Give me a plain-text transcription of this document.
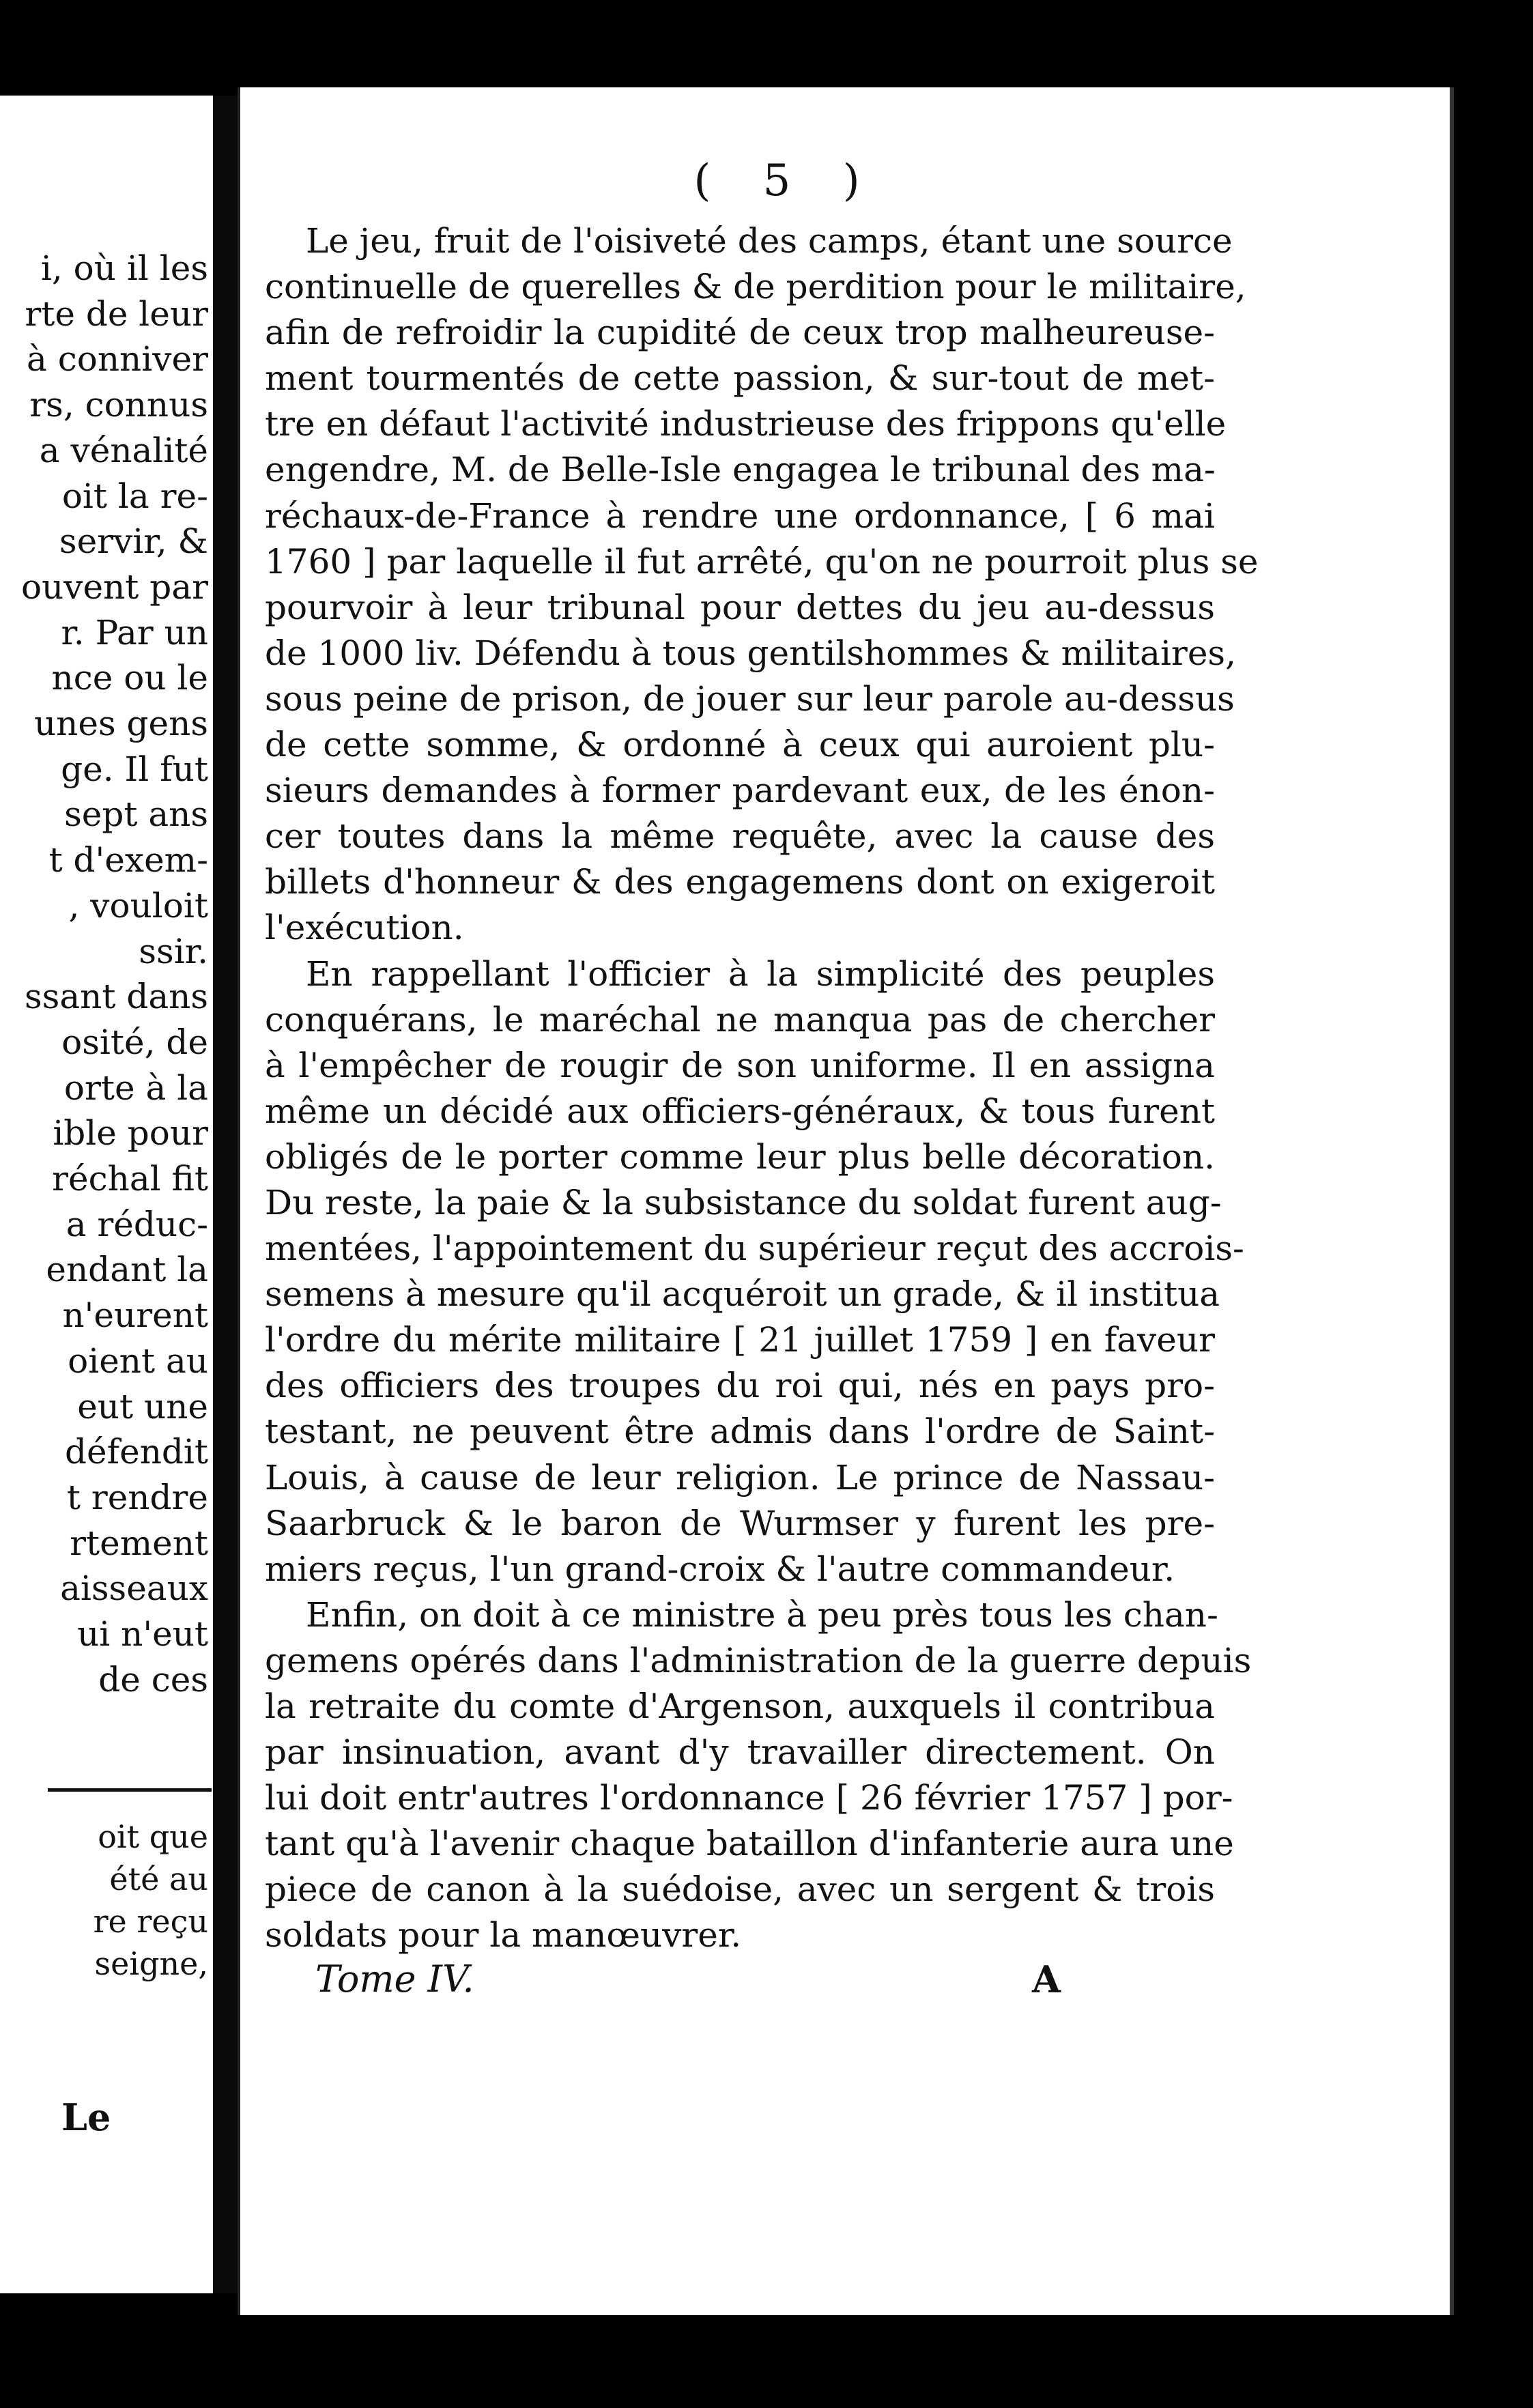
i, où il les
rte de leur
à conniver
rs, connus
a vénalité
oit la re-
servir, &
ouvent par
r. Par un
nce ou le
unes gens
ge. Il fut
sept ans
t d'exem-
, vouloit
ssir.
ssant dans
osité, de
orte à la
ible pour
réchal fit
a réduc-
endant la
n'eurent
oient au
eut une
défendit
t rendre
rtement
aisseaux
ui n'eut
de ces
oit que
été au
re reçu
seigne,
Le
( 5 )
Le jeu, fruit de l'oisiveté des camps, étant une source
continuelle de querelles & de perdition pour le militaire,
afin de refroidir la cupidité de ceux trop malheureuse-
ment tourmentés de cette passion, & sur-tout de met-
tre en défaut l'activité industrieuse des frippons qu'elle
engendre, M. de Belle-Isle engagea le tribunal des ma-
réchaux-de-France à rendre une ordonnance, [ 6 mai
1760 ] par laquelle il fut arrêté, qu'on ne pourroit plus se
pourvoir à leur tribunal pour dettes du jeu au-dessus
de 1000 liv. Défendu à tous gentilshommes & militaires,
sous peine de prison, de jouer sur leur parole au-dessus
de cette somme, & ordonné à ceux qui auroient plu-
sieurs demandes à former pardevant eux, de les énon-
cer toutes dans la même requête, avec la cause des
billets d'honneur & des engagemens dont on exigeroit
l'exécution.
En rappellant l'officier à la simplicité des peuples
conquérans, le maréchal ne manqua pas de chercher
à l'empêcher de rougir de son uniforme. Il en assigna
même un décidé aux officiers-généraux, & tous furent
obligés de le porter comme leur plus belle décoration.
Du reste, la paie & la subsistance du soldat furent aug-
mentées, l'appointement du supérieur reçut des accrois-
semens à mesure qu'il acquéroit un grade, & il institua
l'ordre du mérite militaire [ 21 juillet 1759 ] en faveur
des officiers des troupes du roi qui, nés en pays pro-
testant, ne peuvent être admis dans l'ordre de Saint-
Louis, à cause de leur religion. Le prince de Nassau-
Saarbruck & le baron de Wurmser y furent les pre-
miers reçus, l'un grand-croix & l'autre commandeur.
Enfin, on doit à ce ministre à peu près tous les chan-
gemens opérés dans l'administration de la guerre depuis
la retraite du comte d'Argenson, auxquels il contribua
par insinuation, avant d'y travailler directement. On
lui doit entr'autres l'ordonnance [ 26 février 1757 ] por-
tant qu'à l'avenir chaque bataillon d'infanterie aura une
piece de canon à la suédoise, avec un sergent & trois
soldats pour la manœuvrer.
Tome IV.	A
